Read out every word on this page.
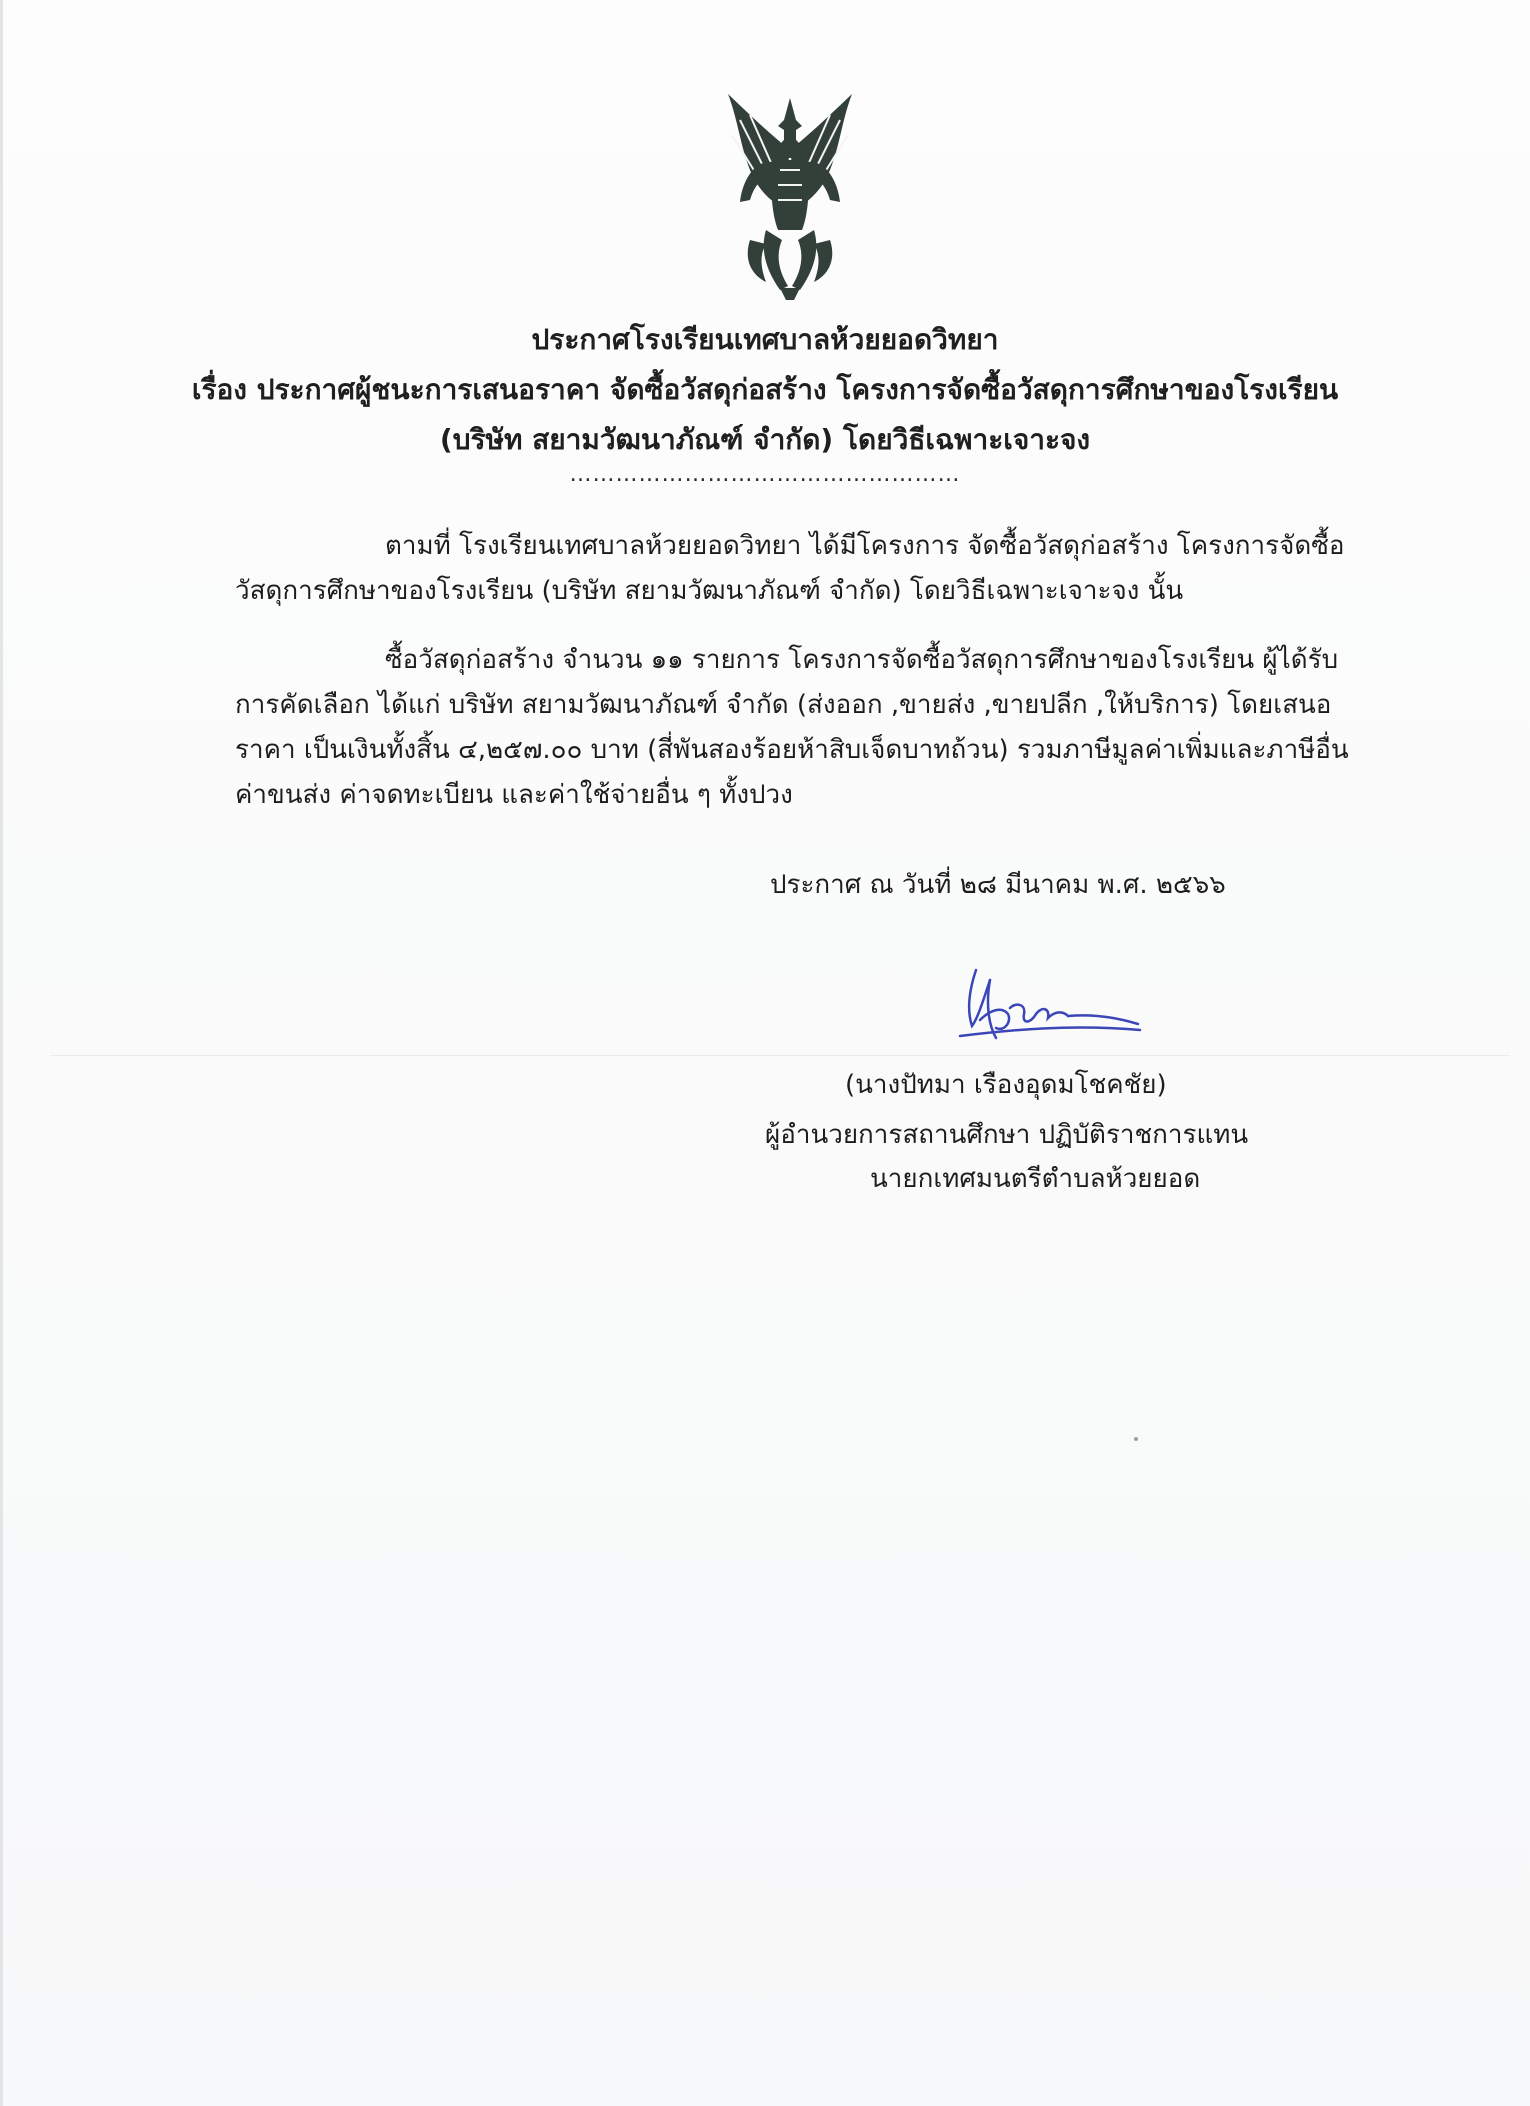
ประกาศโรงเรียนเทศบาลห้วยยอดวิทยา
เรื่อง ประกาศผู้ชนะการเสนอราคา จัดซื้อวัสดุก่อสร้าง โครงการจัดซื้อวัสดุการศึกษาของโรงเรียน
(บริษัท สยามวัฒนาภัณฑ์ จำกัด) โดยวิธีเฉพาะเจาะจง
……………………………………………
ตามที่ โรงเรียนเทศบาลห้วยยอดวิทยา ได้มีโครงการ จัดซื้อวัสดุก่อสร้าง โครงการจัดซื้อวัสดุการศึกษาของโรงเรียน (บริษัท สยามวัฒนาภัณฑ์ จำกัด) โดยวิธีเฉพาะเจาะจง นั้น
ซื้อวัสดุก่อสร้าง จำนวน ๑๑ รายการ โครงการจัดซื้อวัสดุการศึกษาของโรงเรียน ผู้ได้รับการคัดเลือก ได้แก่ บริษัท สยามวัฒนาภัณฑ์ จำกัด (ส่งออก ,ขายส่ง ,ขายปลีก ,ให้บริการ) โดยเสนอราคา เป็นเงินทั้งสิ้น ๔,๒๕๗.๐๐ บาท (สี่พันสองร้อยห้าสิบเจ็ดบาทถ้วน) รวมภาษีมูลค่าเพิ่มและภาษีอื่น ค่าขนส่ง ค่าจดทะเบียน และค่าใช้จ่ายอื่น ๆ ทั้งปวง
ประกาศ ณ วันที่ ๒๘ มีนาคม พ.ศ. ๒๕๖๖
(นางปัทมา เรืองอุดมโชคชัย)
ผู้อำนวยการสถานศึกษา ปฏิบัติราชการแทน
นายกเทศมนตรีตำบลห้วยยอด
